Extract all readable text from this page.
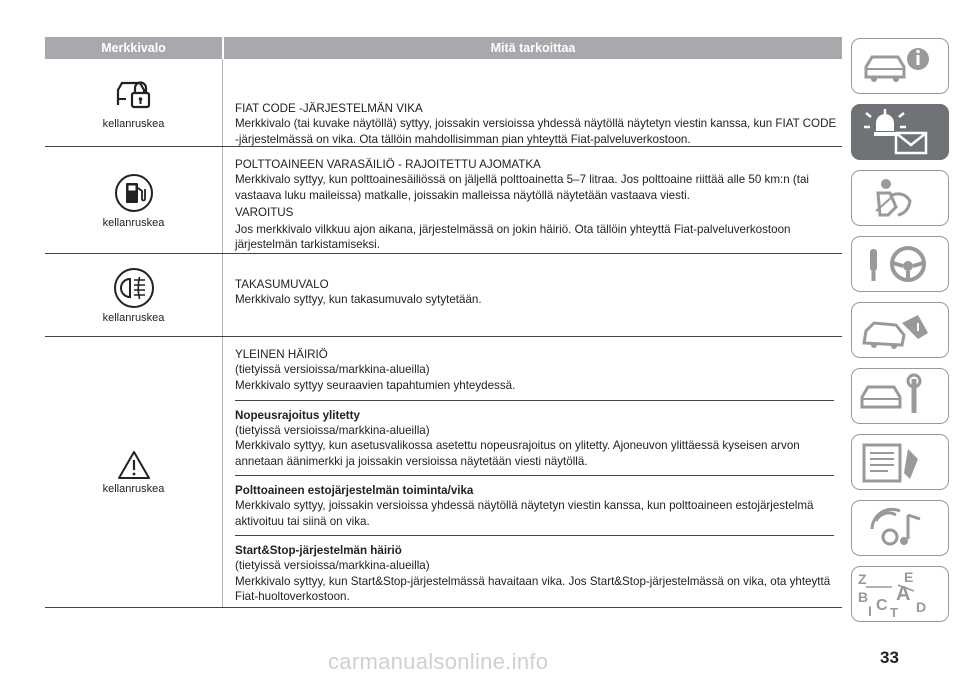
Merkkivalo	Mitä tarkoittaa
kellanruskea
FIAT CODE -JÄRJESTELMÄN VIKA
Merkkivalo (tai kuvake näytöllä) syttyy, joissakin versioissa yhdessä näytöllä näytetyn viestin kanssa, kun FIAT CODE -järjestelmässä on vika. Ota tällöin mahdollisimman pian yhteyttä Fiat-palveluverkostoon.
kellanruskea
POLTTOAINEEN VARASÄILIÖ - RAJOITETTU AJOMATKA
Merkkivalo syttyy, kun polttoainesäiliössä on jäljellä polttoainetta 5–7 litraa. Jos polttoaine riittää alle 50 km:n (tai vastaava luku maileissa) matkalle, joissakin malleissa näytöllä näytetään vastaava viesti.
VAROITUS
Jos merkkivalo vilkkuu ajon aikana, järjestelmässä on jokin häiriö. Ota tällöin yhteyttä Fiat-palveluverkostoon järjestelmän tarkistamiseksi.
kellanruskea
TAKASUMUVALO
Merkkivalo syttyy, kun takasumuvalo sytytetään.
kellanruskea
YLEINEN HÄIRIÖ
(tietyissä versioissa/markkina-alueilla)
Merkkivalo syttyy seuraavien tapahtumien yhteydessä.
Nopeusrajoitus ylitetty
(tietyissä versioissa/markkina-alueilla)
Merkkivalo syttyy, kun asetusvalikossa asetettu nopeusrajoitus on ylitetty. Ajoneuvon ylittäessä kyseisen arvon annetaan äänimerkki ja joissakin versioissa näytetään viesti näytöllä.
Polttoaineen estojärjestelmän toiminta/vika
Merkkivalo syttyy, joissakin versioissa yhdessä näytöllä näytetyn viestin kanssa, kun polttoaineen estojärjestelmä aktivoituu tai siinä on vika.
Start&Stop-järjestelmän häiriö
(tietyissä versioissa/markkina-alueilla)
Merkkivalo syttyy, kun Start&Stop-järjestelmässä havaitaan vika. Jos Start&Stop-järjestelmässä on vika, ota yhteyttä Fiat-huoltoverkostoon.
Z	E
B A
I C T D
33
carmanualsonline.info
